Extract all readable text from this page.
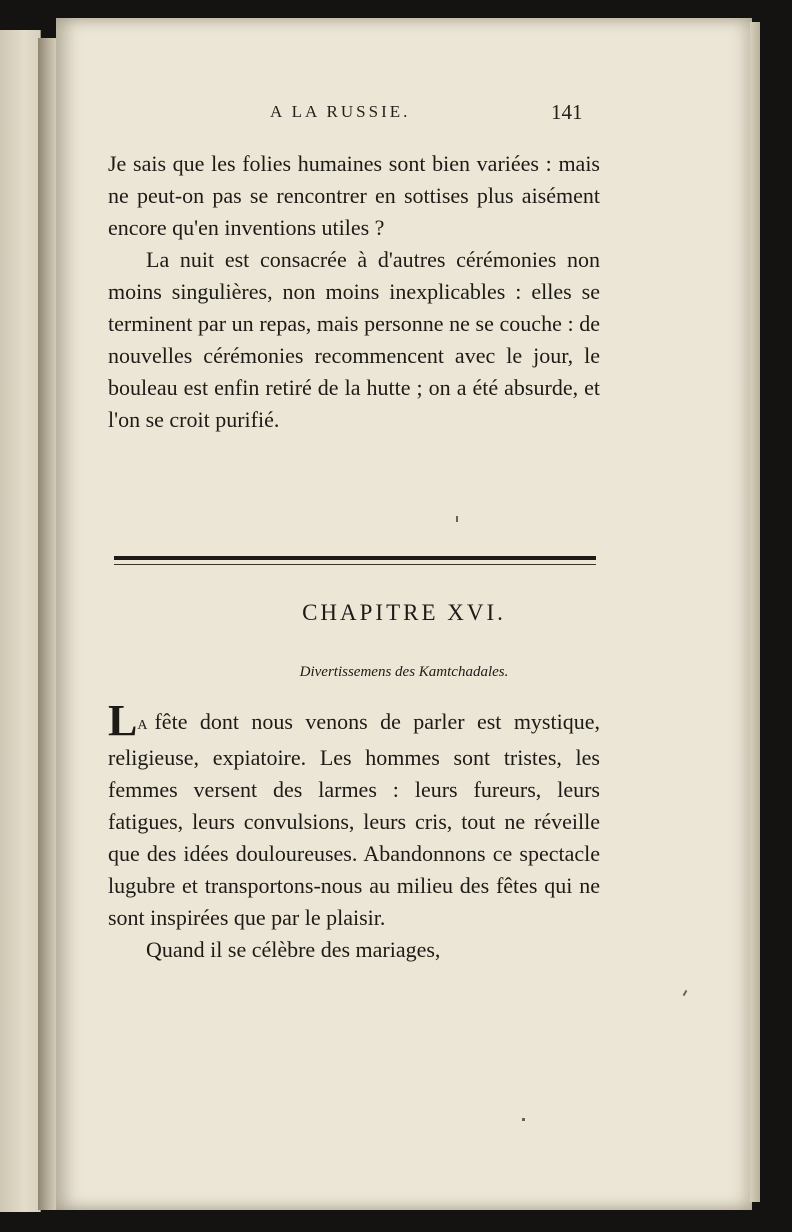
A LA RUSSIE.	141

Je sais que les folies humaines sont bien variées : mais ne peut-on pas se rencontrer en sottises plus aisément encore qu'en inventions utiles ?

La nuit est consacrée à d'autres cérémonies non moins singulières, non moins inexplicables : elles se terminent par un repas, mais personne ne se couche : de nouvelles cérémonies recommencent avec le jour, le bouleau est enfin retiré de la hutte ; on a été absurde, et l'on se croit purifié.

CHAPITRE XVI.
Divertissemens des Kamtchadales.

LA fête dont nous venons de parler est mystique, religieuse, expiatoire. Les hommes sont tristes, les femmes versent des larmes : leurs fureurs, leurs fatigues, leurs convulsions, leurs cris, tout ne réveille que des idées douloureuses. Abandonnons ce spectacle lugubre et transportons-nous au milieu des fêtes qui ne sont inspirées que par le plaisir.

Quand il se célèbre des mariages,
